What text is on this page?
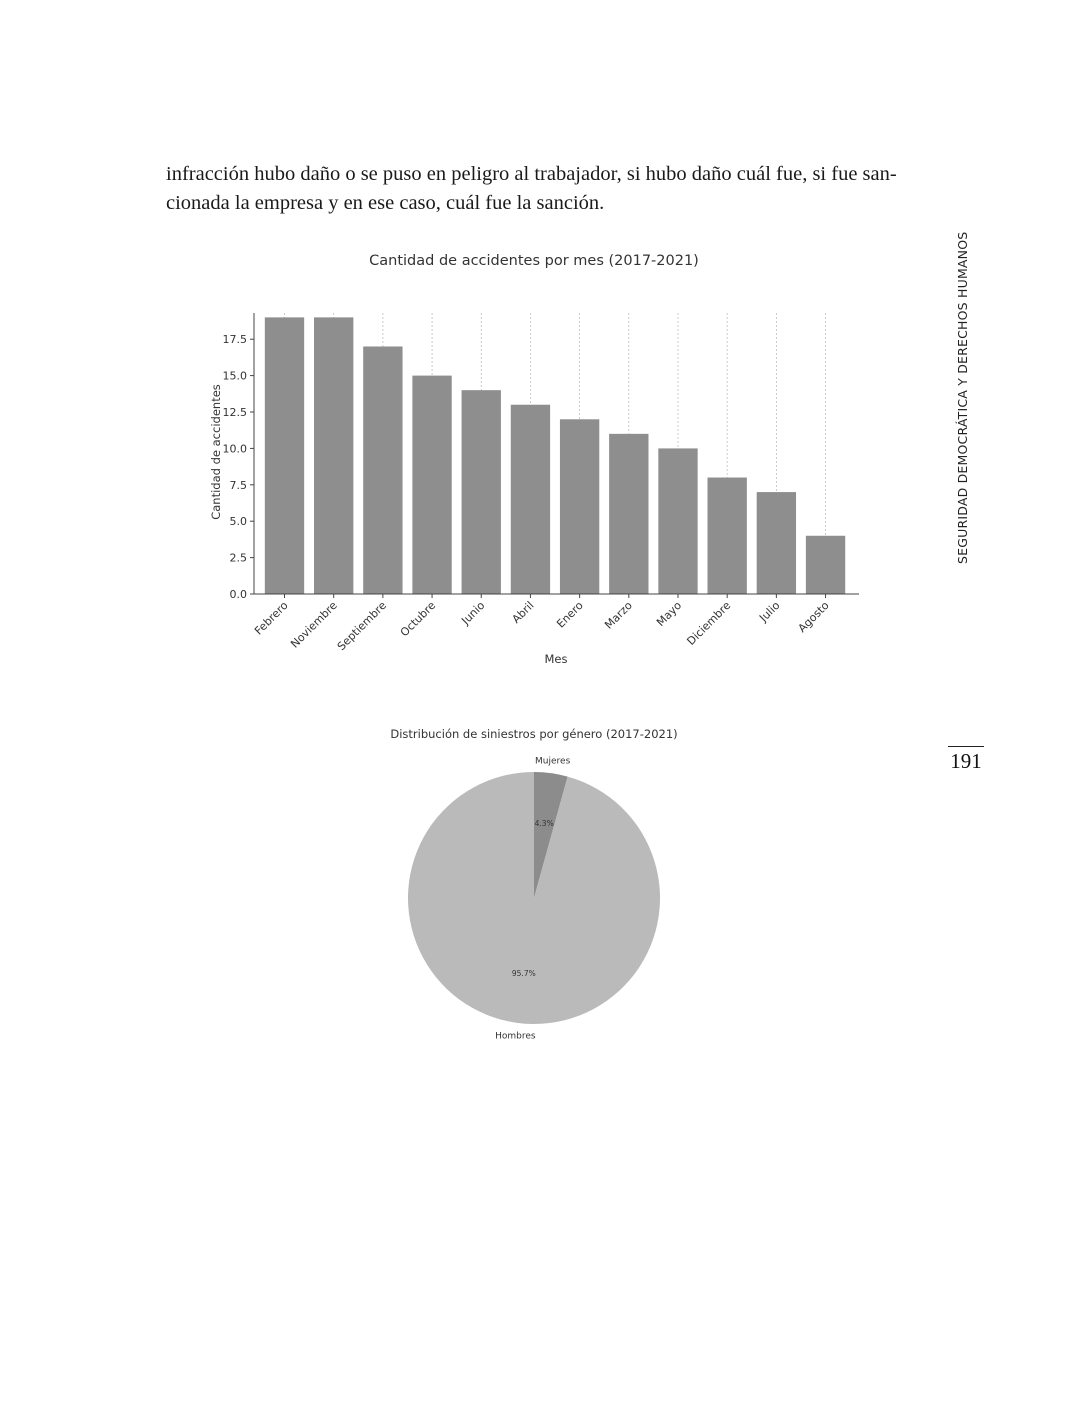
infracción hubo daño o se puso en peligro al trabajador, si hubo daño cuál fue, si fue san-
cionada la empresa y en ese caso, cuál fue la sanción.

SEGURIDAD DEMOCRÁTICA Y DERECHOS HUMANOS
191
Cantidad de accidentes por mes (2017-2021)
0.0
2.5
5.0
7.5
10.0
12.5
15.0
17.5
Febrero
Noviembre
Septiembre Octubre Junio Abril Enero Marzo Mayo Diciembre Julio Agosto
Mes
Cantidad de accidentes
Distribución de siniestros por género (2017-2021)
Mujeres
4.3%
Hombres
95.7%
